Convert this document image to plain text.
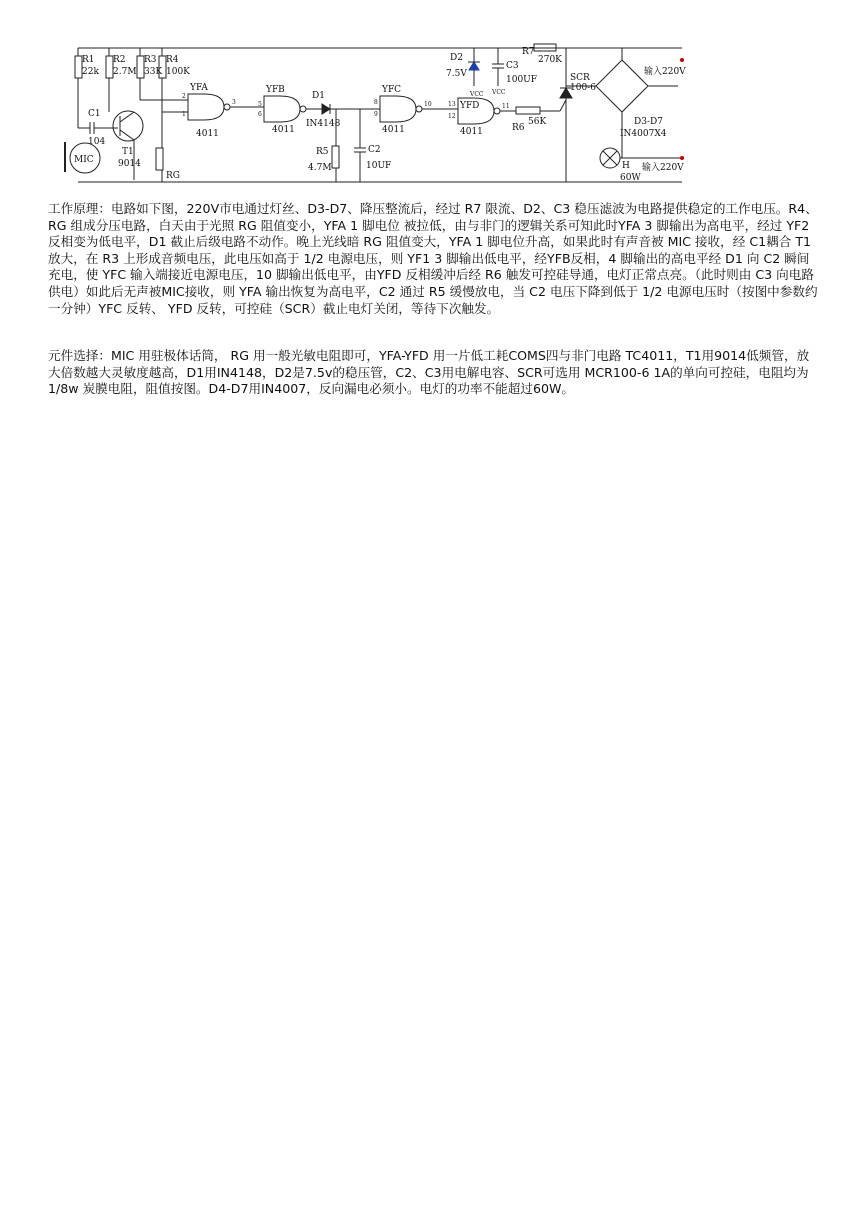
R1
22k
R2
2.7M
R3
33K
R4
100K
C1
104
T1
9014
MIC
RG
YFA
4011
YFB
4011
D1
IN4148
R5
4.7M
C2
10UF
YFC
4011
YFD
4011
D2
7.5V
C3
100UF
VCC VCC
R7
270K
R6
56K
SCR
100-6
D3-D7
IN4007X4
输入220V
输入220V
H
60W
2
1
3	5
6
8
9
10	13
12
11

工作原理：电路如下图，220V市电通过灯丝、D3-D7、降压整流后，经过 R7 限流、D2、C3 稳压滤波为电路提供稳定的工作电压。R4、RG 组成分压电路，白天由于光照 RG 阻值变小，YFA 1 脚电位 被拉低，由与非门的逻辑关系可知此时YFA 3 脚输出为高电平，经过 YF2 反相变为低电平，D1 截止后级电路不动作。晚上光线暗 RG 阻值变大，YFA 1 脚电位升高，如果此时有声音被 MIC 接收，经 C1耦合 T1 放大，在 R3 上形成音频电压，此电压如高于 1/2 电源电压，则 YF1 3 脚输出低电平，经YFB反相，4 脚输出的高电平经 D1 向 C2 瞬间充电，使 YFC 输入端接近电源电压，10 脚输出低电平，由YFD 反相缓冲后经 R6 触发可控硅导通，电灯正常点亮。（此时则由 C3 向电路供电）如此后无声被MIC接收，则 YFA 输出恢复为高电平，C2 通过 R5 缓慢放电，当 C2 电压下降到低于 1/2 电源电压时（按图中参数约一分钟）YFC 反转、 YFD 反转，可控硅（SCR）截止电灯关闭，等待下次触发。

元件选择：MIC 用驻极体话筒， RG 用一般光敏电阻即可，YFA-YFD 用一片低工耗COMS四与非门电路 TC4011，T1用9014低频管，放大倍数越大灵敏度越高，D1用IN4148，D2是7.5v的稳压管，C2、C3用电解电容、SCR可选用 MCR100-6 1A的单向可控硅，电阻均为 1/8w 炭膜电阻，阻值按图。D4-D7用IN4007，反向漏电必须小。电灯的功率不能超过60W。
